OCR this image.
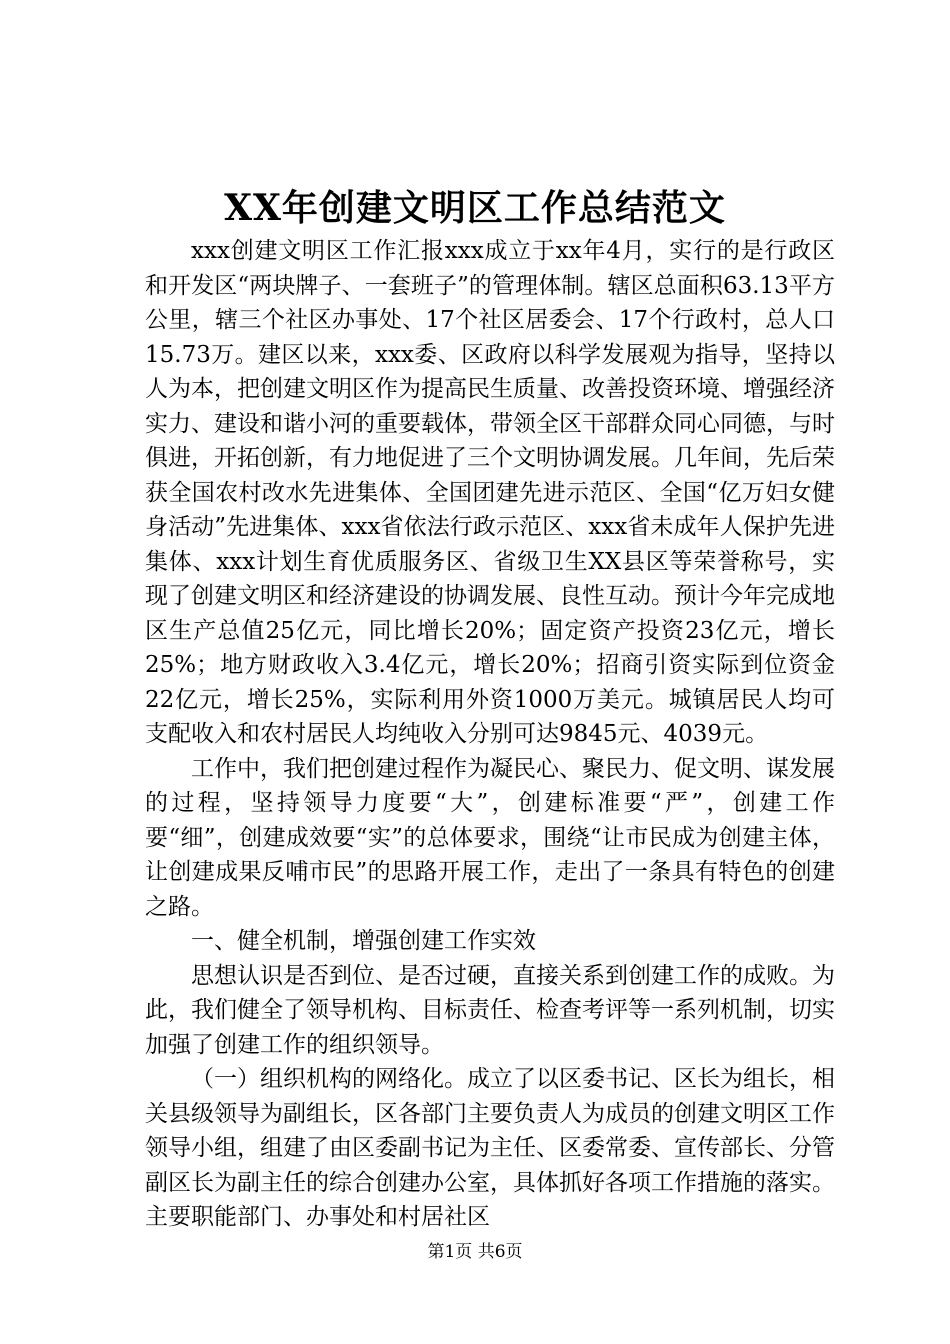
XX年创建文明区工作总结范文

xxx创建文明区工作汇报xxx成立于xx年4月，实行的是行政区和开发区“两块牌子、一套班子”的管理体制。辖区总面积63.13平方公里，辖三个社区办事处、17个社区居委会、17个行政村，总人口15.73万。建区以来，xxx委、区政府以科学发展观为指导，坚持以人为本，把创建文明区作为提高民生质量、改善投资环境、增强经济实力、建设和谐小河的重要载体，带领全区干部群众同心同德，与时俱进，开拓创新，有力地促进了三个文明协调发展。几年间，先后荣获全国农村改水先进集体、全国团建先进示范区、全国“亿万妇女健身活动”先进集体、xxx省依法行政示范区、xxx省未成年人保护先进集体、xxx计划生育优质服务区、省级卫生XX县区等荣誉称号，实现了创建文明区和经济建设的协调发展、良性互动。预计今年完成地区生产总值25亿元，同比增长20%；固定资产投资23亿元，增长25%；地方财政收入3.4亿元，增长20%；招商引资实际到位资金22亿元，增长25%，实际利用外资1000万美元。城镇居民人均可支配收入和农村居民人均纯收入分别可达9845元、4039元。

工作中，我们把创建过程作为凝民心、聚民力、促文明、谋发展的过程，坚持领导力度要“大”，创建标准要“严”，创建工作要“细”，创建成效要“实”的总体要求，围绕“让市民成为创建主体，让创建成果反哺市民”的思路开展工作，走出了一条具有特色的创建之路。

一、健全机制，增强创建工作实效

思想认识是否到位、是否过硬，直接关系到创建工作的成败。为此，我们健全了领导机构、目标责任、检查考评等一系列机制，切实加强了创建工作的组织领导。

（一）组织机构的网络化。成立了以区委书记、区长为组长，相关县级领导为副组长，区各部门主要负责人为成员的创建文明区工作领导小组，组建了由区委副书记为主任、区委常委、宣传部长、分管副区长为副主任的综合创建办公室，具体抓好各项工作措施的落实。主要职能部门、办事处和村居社区

第1页 共6页
